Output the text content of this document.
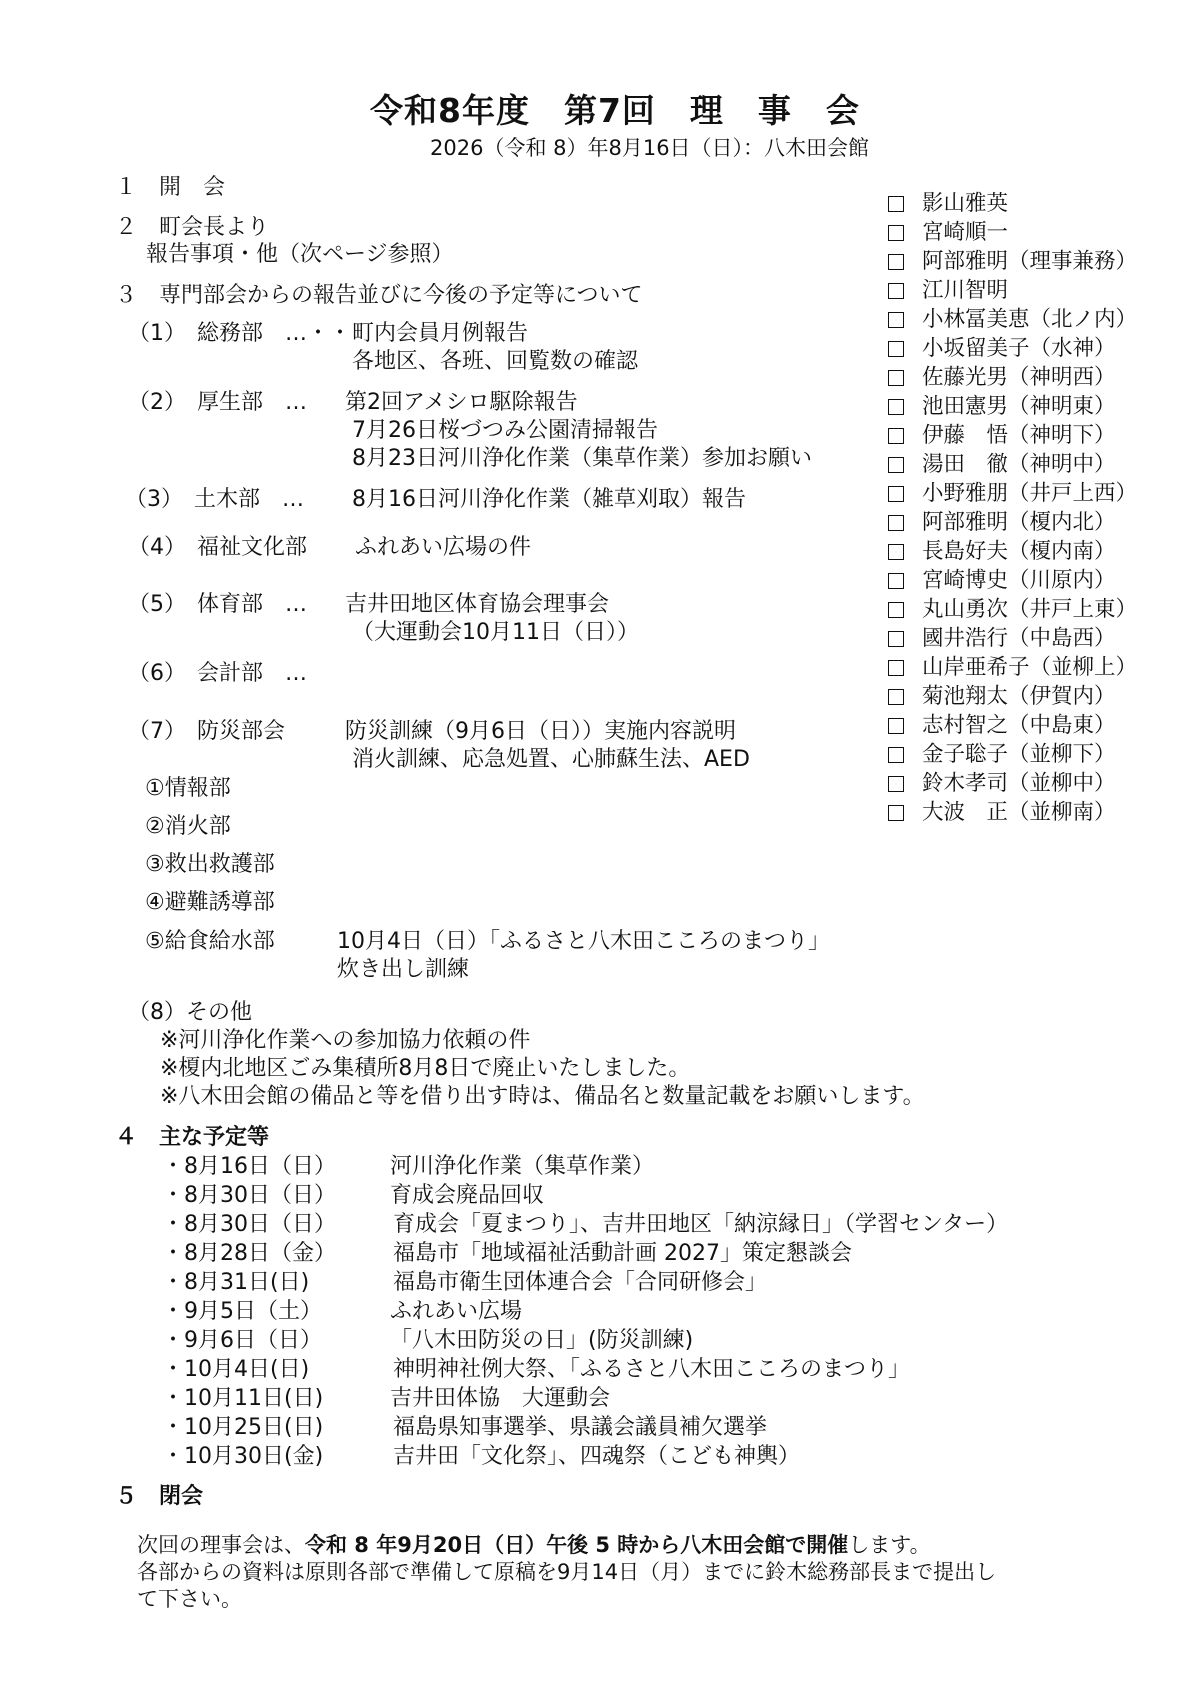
令和8年度　第7回　理　事　会
2026（令和 8）年8月16日（日）：八木田会館
１　開　会
２　町会長より
報告事項・他（次ページ参照）
３　専門部会からの報告並びに今後の予定等について
（1）　総務部　…・・ 町内会員月例報告
各地区、各班、回覧数の確認
（2）　厚生部　… 第2回アメシロ駆除報告
7月26日桜づつみ公園清掃報告
8月23日河川浄化作業（集草作業）参加お願い
（3）　土木部　… 8月16日河川浄化作業（雑草刈取）報告
（4）　福祉文化部 ふれあい広場の件
（5）　体育部　… 吉井田地区体育協会理事会
（大運動会10月11日（日））
（6）　会計部　…
（7）　防災部会	防災訓練（9月6日（日））実施内容説明
消火訓練、応急処置、心肺蘇生法、AED
①情報部
②消火部
③救出救護部
④避難誘導部
⑤給食給水部	10月4日（日）「ふるさと八木田こころのまつり」
炊き出し訓練
（8）その他
※河川浄化作業への参加協力依頼の件
※榎内北地区ごみ集積所8月8日で廃止いたしました。
※八木田会館の備品と等を借り出す時は、備品名と数量記載をお願いします。
４　主な予定等
・8月16日（日） 河川浄化作業（集草作業）
・8月30日（日） 育成会廃品回収
・8月30日（日）	育成会「夏まつり」、吉井田地区「納涼縁日」（学習センター）
・8月28日（金）	福島市「地域福祉活動計画 2027」策定懇談会
・8月31日(日)	福島市衛生団体連合会「合同研修会」
・9月5日（土）	ふれあい広場
・9月6日（日）	「八木田防災の日」(防災訓練)
・10月4日(日)	神明神社例大祭、「ふるさと八木田こころのまつり」
・10月11日(日)	吉井田体協　大運動会
・10月25日(日)	福島県知事選挙、県議会議員補欠選挙
・10月30日(金)	吉井田「文化祭」、四魂祭（こども神輿）
５　閉会
次回の理事会は、令和 8 年9月20日（日）午後 5 時から八木田会館で開催します。
各部からの資料は原則各部で準備して原稿を9月14日（月）までに鈴木総務部長まで提出し
て下さい。
影山雅英
宮崎順一
阿部雅明（理事兼務）
江川智明
小林冨美恵（北ノ内）
小坂留美子（水神）
佐藤光男（神明西）
池田憲男（神明東）
伊藤　悟（神明下）
湯田　徹（神明中）
小野雅朋（井戸上西）
阿部雅明（榎内北）
長島好夫（榎内南）
宮崎博史（川原内）
丸山勇次（井戸上東）
國井浩行（中島西）
山岸亜希子（並柳上）
菊池翔太（伊賀内）
志村智之（中島東）
金子聡子（並柳下）
鈴木孝司（並柳中）
大波　正（並柳南）
